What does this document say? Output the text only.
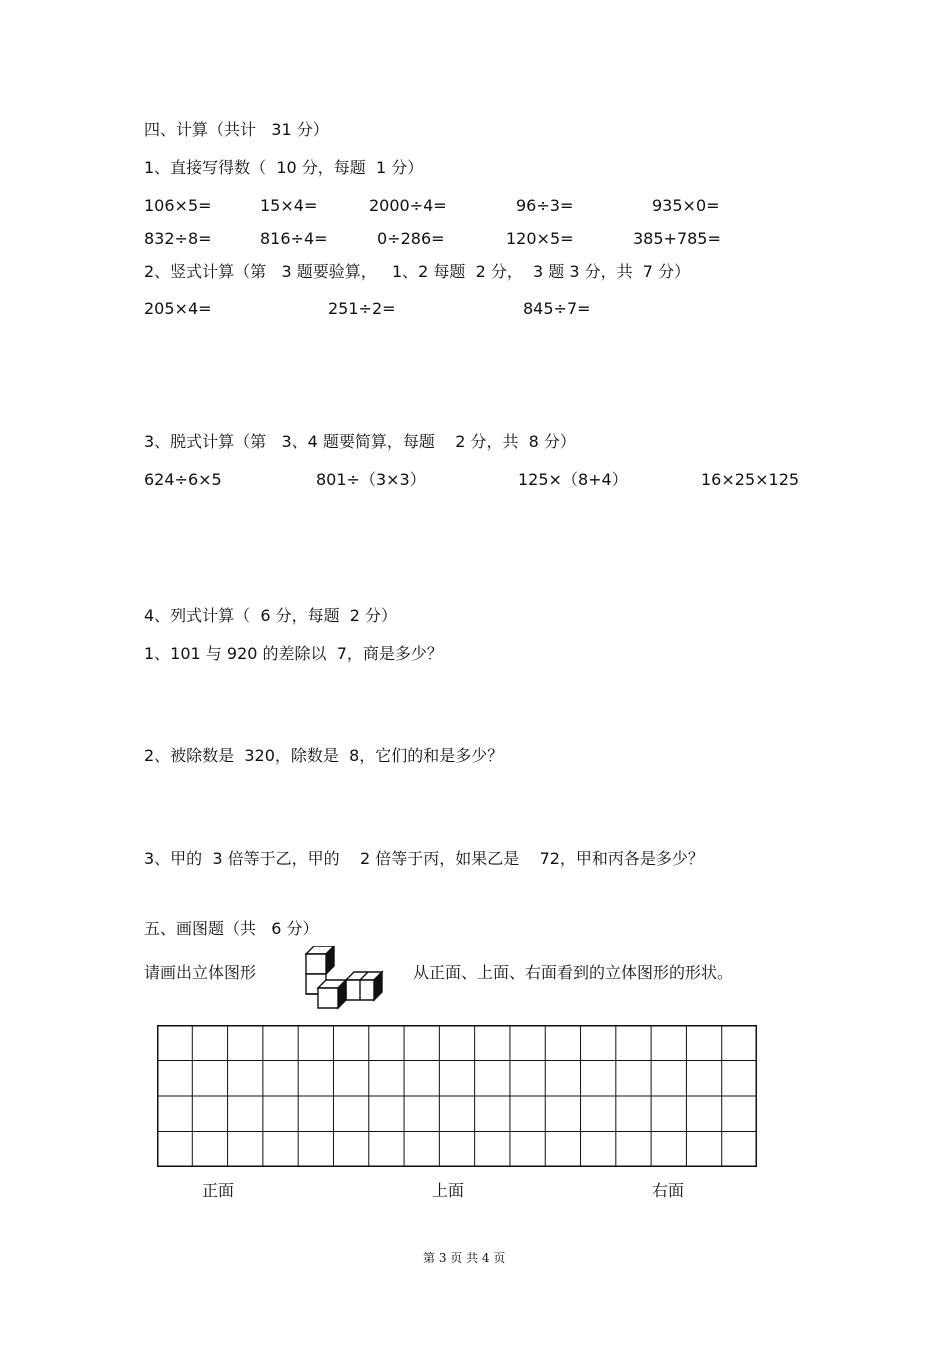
四、计算（共计   31 分）
1、直接写得数（  10 分，每题  1 分）
106×5=	15×4=	2000÷4=	96÷3=	935×0=
832÷8=	816÷4=	0÷286=	120×5=	385+785=
2、竖式计算（第   3 题要验算，   1、2 每题  2 分，  3 题 3 分，共  7 分）
205×4=	251÷2=	845÷7=
3、脱式计算（第   3、4 题要简算，每题    2 分，共  8 分）
624÷6×5	801÷（3×3）	125×（8+4）	16×25×125
4、列式计算（  6 分，每题  2 分）
1、101 与 920 的差除以  7，商是多少？
2、被除数是  320，除数是  8，它们的和是多少？
3、甲的  3 倍等于乙，甲的    2 倍等于丙，如果乙是    72，甲和丙各是多少？
五、画图题（共   6 分）
请画出立体图形	从正面、上面、右面看到的立体图形的形状。
正面	上面	右面
第 3 页 共 4 页
